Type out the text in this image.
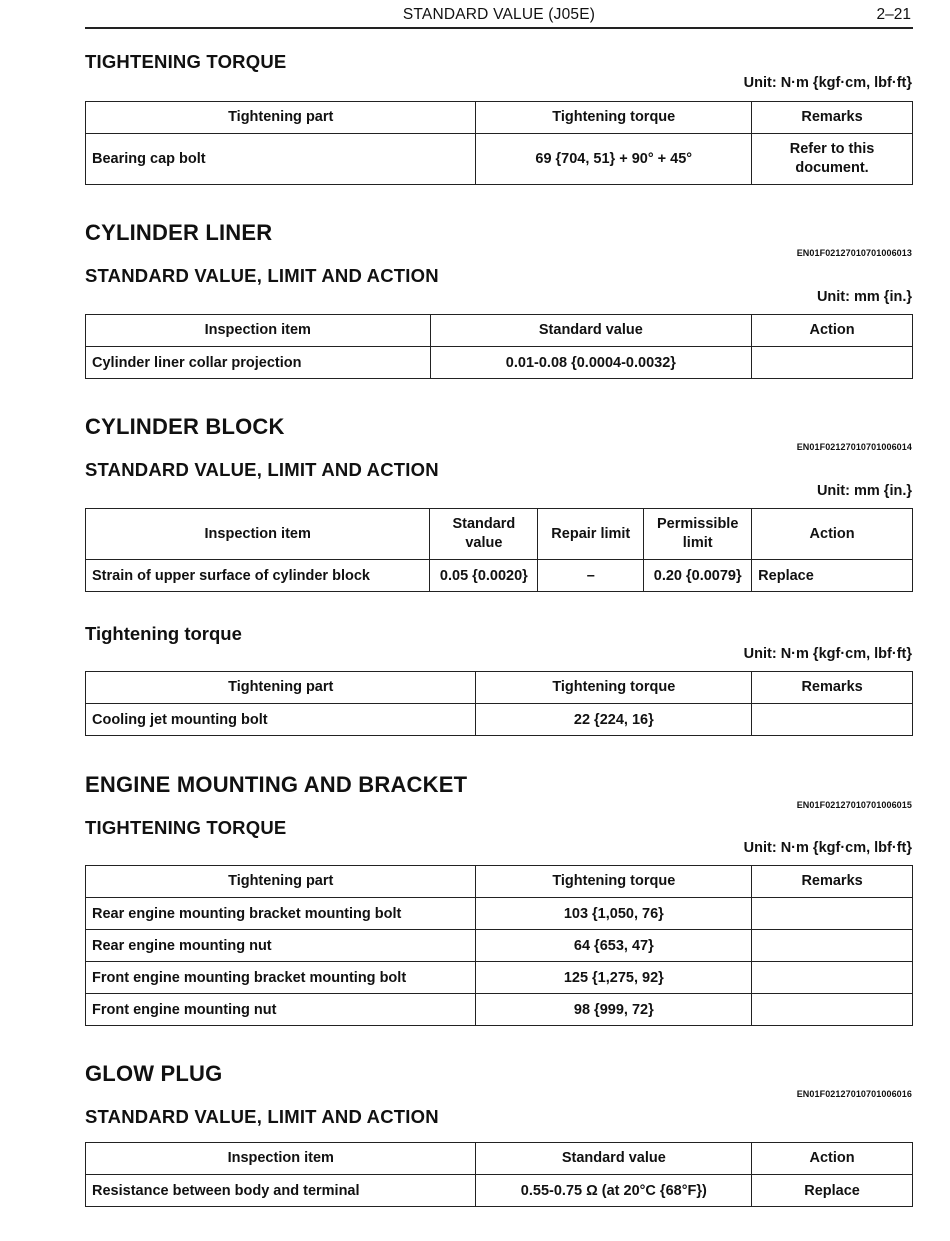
STANDARD VALUE (J05E)	2–21
TIGHTENING TORQUE
Unit: N·m {kgf·cm, lbf·ft}
Tightening part	Tightening torque	Remarks
Bearing cap bolt	69 {704, 51} + 90° + 45°	Refer to this document.
CYLINDER LINER
EN01F02127010701006013
STANDARD VALUE, LIMIT AND ACTION
Unit: mm {in.}
Inspection item	Standard value	Action
Cylinder liner collar projection	0.01-0.08 {0.0004-0.0032}	
CYLINDER BLOCK
EN01F02127010701006014
STANDARD VALUE, LIMIT AND ACTION
Unit: mm {in.}
Inspection item	Standard value	Repair limit	Permissible limit	Action
Strain of upper surface of cylinder block	0.05 {0.0020}	–	0.20 {0.0079}	Replace
Tightening torque
Unit: N·m {kgf·cm, lbf·ft}
Tightening part	Tightening torque	Remarks
Cooling jet mounting bolt	22 {224, 16}	
ENGINE MOUNTING AND BRACKET
EN01F02127010701006015
TIGHTENING TORQUE
Unit: N·m {kgf·cm, lbf·ft}
Tightening part	Tightening torque	Remarks
Rear engine mounting bracket mounting bolt	103 {1,050, 76}	
Rear engine mounting nut	64 {653, 47}	
Front engine mounting bracket mounting bolt	125 {1,275, 92}	
Front engine mounting nut	98 {999, 72}	
GLOW PLUG
EN01F02127010701006016
STANDARD VALUE, LIMIT AND ACTION
Inspection item	Standard value	Action
Resistance between body and terminal	0.55-0.75 Ω (at 20°C {68°F})	Replace
